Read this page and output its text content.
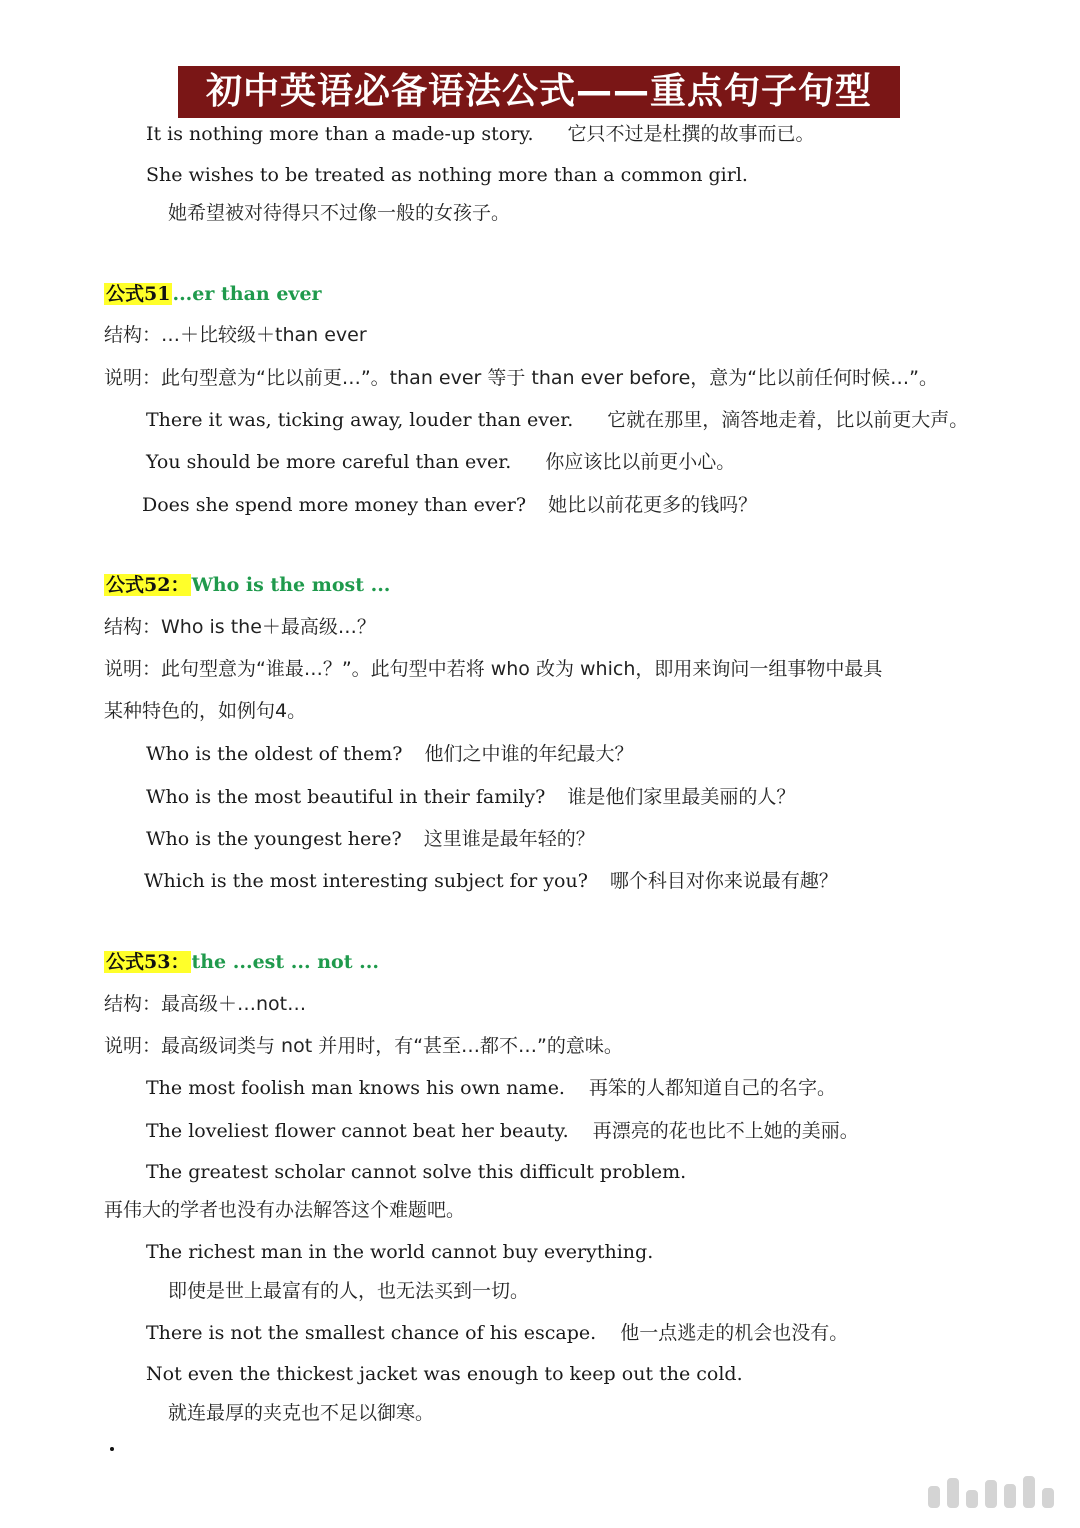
初中英语必备语法公式——重点句子句型
It is nothing more than a made-up story. 它只不过是杜撰的故事而已。
She wishes to be treated as nothing more than a common girl.
她希望被对待得只不过像一般的女孩子。
公式51 ...er than ever
结构：…＋比较级＋than ever
说明：此句型意为“比以前更…”。than ever 等于 than ever before，意为“比以前任何时候…”。
There it was, ticking away, louder than ever. 它就在那里，滴答地走着，比以前更大声。
You should be more careful than ever. 你应该比以前更小心。
Does she spend more money than ever? 她比以前花更多的钱吗？
公式52： Who is the most ...
结构：Who is the＋最高级…？
说明：此句型意为“谁最…？”。此句型中若将 who 改为 which，即用来询问一组事物中最具
某种特色的，如例句4。
Who is the oldest of them? 他们之中谁的年纪最大？
Who is the most beautiful in their family? 谁是他们家里最美丽的人？
Who is the youngest here? 这里谁是最年轻的？
Which is the most interesting subject for you? 哪个科目对你来说最有趣？
公式53： the ...est ... not ...
结构：最高级＋…not…
说明：最高级词类与 not 并用时，有“甚至…都不…”的意味。
The most foolish man knows his own name. 再笨的人都知道自己的名字。
The loveliest flower cannot beat her beauty. 再漂亮的花也比不上她的美丽。
The greatest scholar cannot solve this difficult problem.
再伟大的学者也没有办法解答这个难题吧。
The richest man in the world cannot buy everything.
即使是世上最富有的人，也无法买到一切。
There is not the smallest chance of his escape. 他一点逃走的机会也没有。
Not even the thickest jacket was enough to keep out the cold.
就连最厚的夹克也不足以御寒。
